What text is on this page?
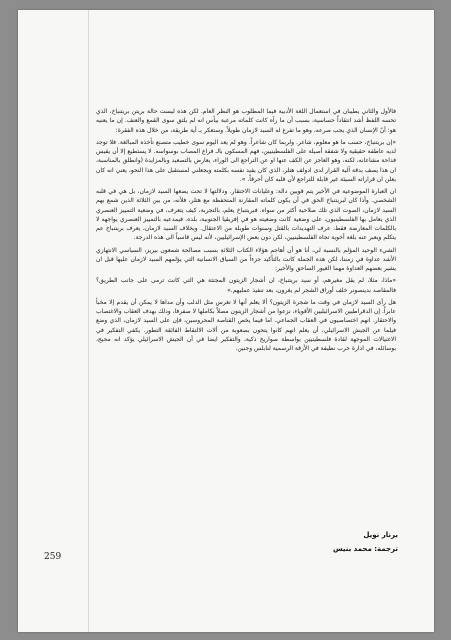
فالأول والثاني يطيبان في استعمال اللغة الأدبية فيما المطلوب هو النظر العام. لكن هذه ليست حالة بريتن بريتنباخ، الذي تحسه اللفظ أشد انتقاداً حساسية، بسبب أن ما رآه كانت كلماته مرعبة بيأس انه لم يلتق سوى القمع والعنف. إن ما يعنيه هو: أنّ الإنسان الذي يجب صرعه، وهو ما تفرغ له السيد لازمان طويلاً. وستعكر بـ أية طريقة، من خلال هذه الفقرة:

«إن بريتنباخ، حسب ما هو معلوم، شاعر. ولربما كان شاعراً. وهو لم يعد اليوم سوى خطيب متصنع تأخذه المبالغة. فلا توجد لديه عاطفة حقيقية ولا شفقة أصيلة على الفلسطينيين، فهم المسكون بالـ فراغ المصاب بوسواسه. لا يستطيع إلا أن يقيس فداحة مشاعانه، لكنه، وهو العاجز عن الكف عنها او عن التراجع الى الوراء، يعارض بالتصعيد وبالمزايدة (وانطلق بالمناسبة، ان هذا يصف بدقة آلية القرار لدى ادولف هتلر، الذي كان يفيد نفسه بكلمته ويجعلني لمستقبل على هذا النحو، يعني انه كان يعلن ان قراراته السيئة غير قابلة للتراجع لأن قلبه كان أحرقاً. ».

ان العبارة الموضوعية في الأخير يتم قويين دالة: وعليانات الاحتقار. ودلالتها لا تحت يضعها السيد لازمان، بل هي في قلبه الشخصي. وأذا كان لبريتنباخ الحق في أن يكون كلماته المقارنة المتحفظة مع هتلر، فلأنه، من بين الثلاثة الذين شمع بهم السيد لازمان، الصوت الذي تلك صلاحية أكثر من سواه. فبريتنباخ يعلم، بالتجربة، كيف يتعرف، في وضعية التمييز العنصري الذي يعامل بها الفلسطينيون، على وضعية كانت وضعيته هو في إفريقيا الجنوبية، بلده. فيمدعيه بالتمييز العنصري يواجهه لا بالكلمات المعارضة فقط، عرف التهديدات بالقتل وسنوات طويلة من الاعتقال. وبخلاف السيد لازمان، يعرف بريتنباخ عم يتكلم ويعبر عنه بلغة أخوية تجاه الفلسطينيين، لكن دون بعض الإسرائيليين، لأنه ليس قاسياً الى هذه الدرجة.

الشيء الوحيد المؤلم بالنسبة لي، أنا هو أن أهاجم هؤلاء الكتاب الثلاثة بسبب مصالحة شمعون بيريز، السياسي الانتهازي الأشد عداوة في زمننا، لكن هذه الجملة كانت بالتأكيد جزءاً من السياق الانسانية التي يؤلمهم السيد لازمان عليها قبل ان يشير بعضهم العداوة مهما الغيور الساحق والأخير:

«ماذا، مثلا، لم يقل مغيرهم، أو سيد بريتنباخ، ان أشجار الزيتون المجتثة هي التي كانت ترمى على جانب الطريق؟ فالمقاصد بدينصونر خلف أوراق الشجر لم يغرون، بعد تنفيذ عمليهم.»

هل رأى السيد لازمان في وقت ما شجرة الزيتون؟ ألا يعلم أنها لا تغرس مثل الدلب وأن مداها لا يمكن أن يقدم إلا مخبأ عابراً. إن الدقراطيين الاسرائيليين الأقوياء، نزعوا من أشجار الزيتون مصلاً بكاملها لا صفرفا، ودلك بهدف العقاب والاغتصاب والاحتقار. انهم اختصاصيون في العقاب الجماعي. اما فيما يخص القناصة المحروسين، فإن على السيد لازمان، الذي وضع فيلما عن الجيش الاسرائيلي، أن يعلم انهم كانوا يتحون بصعوبة من ألات الالتقاط الفائقة التطور. يكفي التفكير في الاغتيالات الموجهة لقادة فلسطينيين بواسطة صواريخ ذكية، والتفكير ايضا في أن الجيش الاسرائيلي يؤكد انه محيج، بوسائله، في ادارة حرب نظيفة في الأزقة الرسمية لنابلس وجنين.

برنار نويل
ترجمة: محمد بنيس
259
